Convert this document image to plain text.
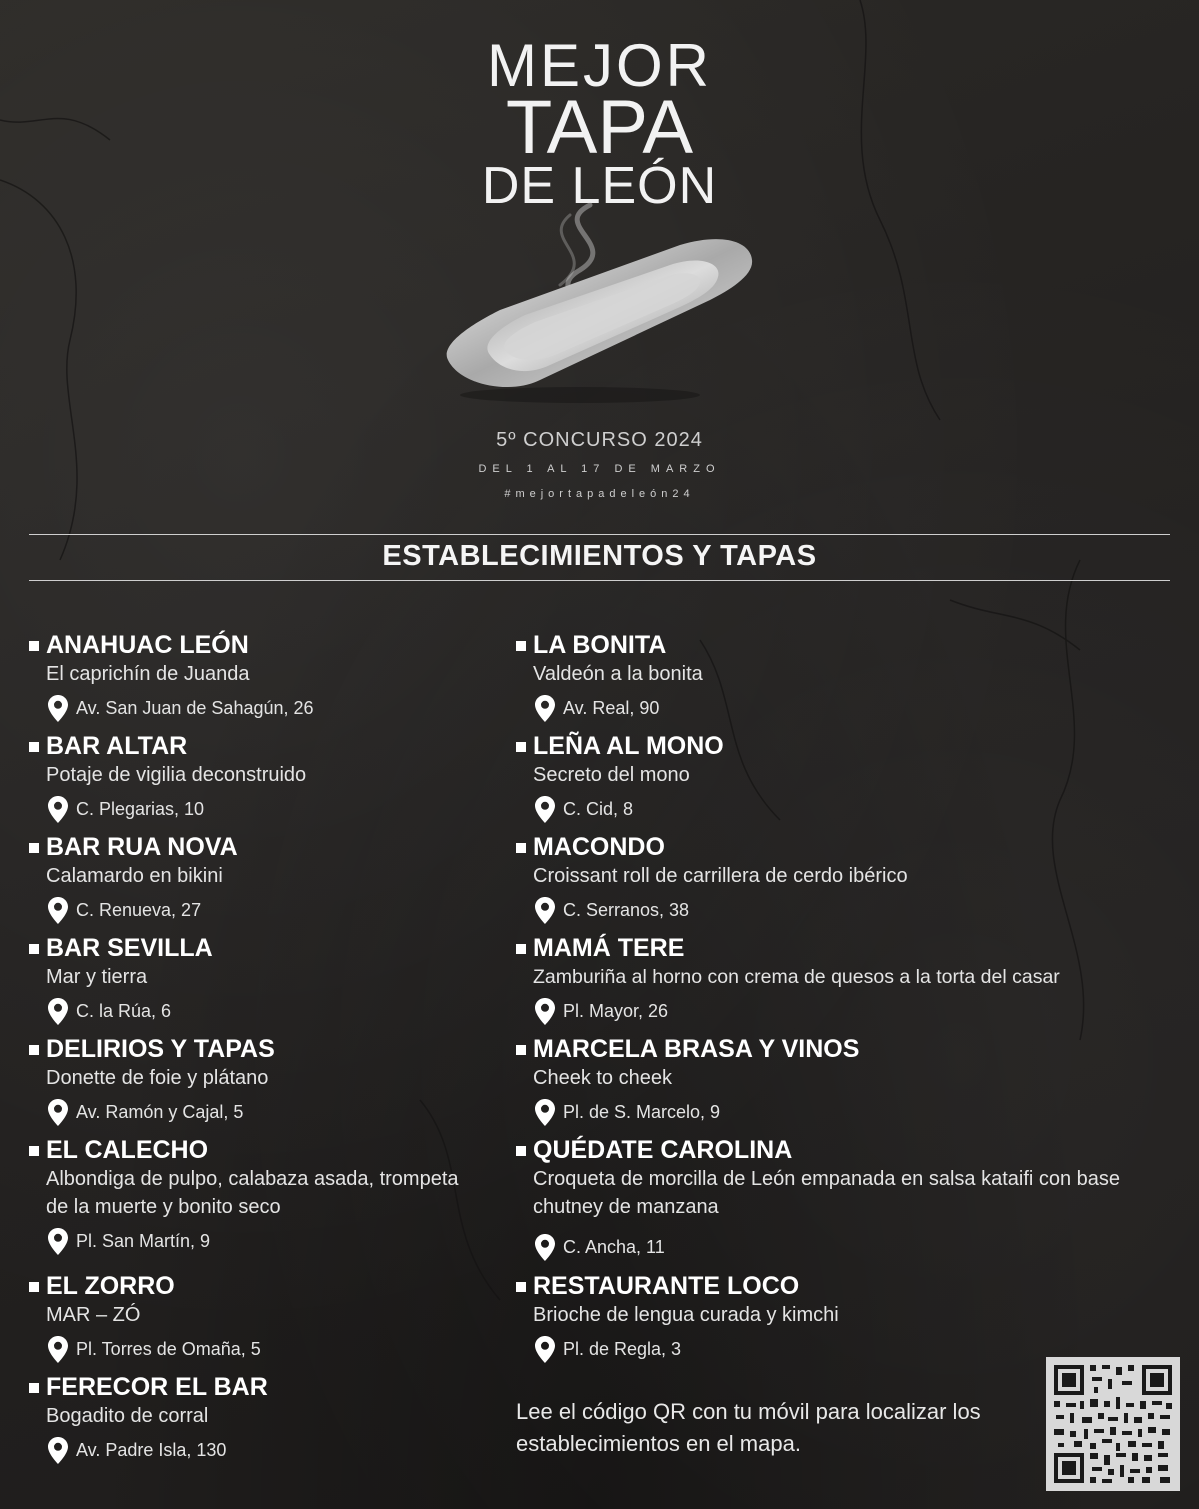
MEJOR
TAPA
DE LEÓN
5º CONCURSO 2024
DEL 1 AL 17 DE MARZO
#mejortapadeleón24
ESTABLECIMIENTOS Y TAPAS
ANAHUAC LEÓN
El caprichín de Juanda
Av. San Juan de Sahagún, 26
BAR ALTAR
Potaje de vigilia deconstruido
C. Plegarias, 10
BAR RUA NOVA
Calamardo en bikini
C. Renueva, 27
BAR SEVILLA
Mar y tierra
C. la Rúa, 6
DELIRIOS Y TAPAS
Donette de foie y plátano
Av. Ramón y Cajal, 5
EL CALECHO
Albondiga de pulpo, calabaza asada, trompeta de la muerte y bonito seco
Pl. San Martín, 9
EL ZORRO
MAR – ZÓ
Pl. Torres de Omaña, 5
FERECOR EL BAR
Bogadito de corral
Av. Padre Isla, 130
LA BONITA
Valdeón a la bonita
Av. Real, 90
LEÑA AL MONO
Secreto del mono
C. Cid, 8
MACONDO
Croissant roll de carrillera de cerdo ibérico
C. Serranos, 38
MAMÁ TERE
Zamburiña al horno con crema de quesos a la torta del casar
Pl. Mayor, 26
MARCELA BRASA Y VINOS
Cheek to cheek
Pl. de S. Marcelo, 9
QUÉDATE CAROLINA
Croqueta de morcilla de León empanada en salsa kataifi con base chutney de manzana
C. Ancha, 11
RESTAURANTE LOCO
Brioche de lengua curada y kimchi
Pl. de Regla, 3
Lee el código QR con tu móvil para localizar los establecimientos en el mapa.
